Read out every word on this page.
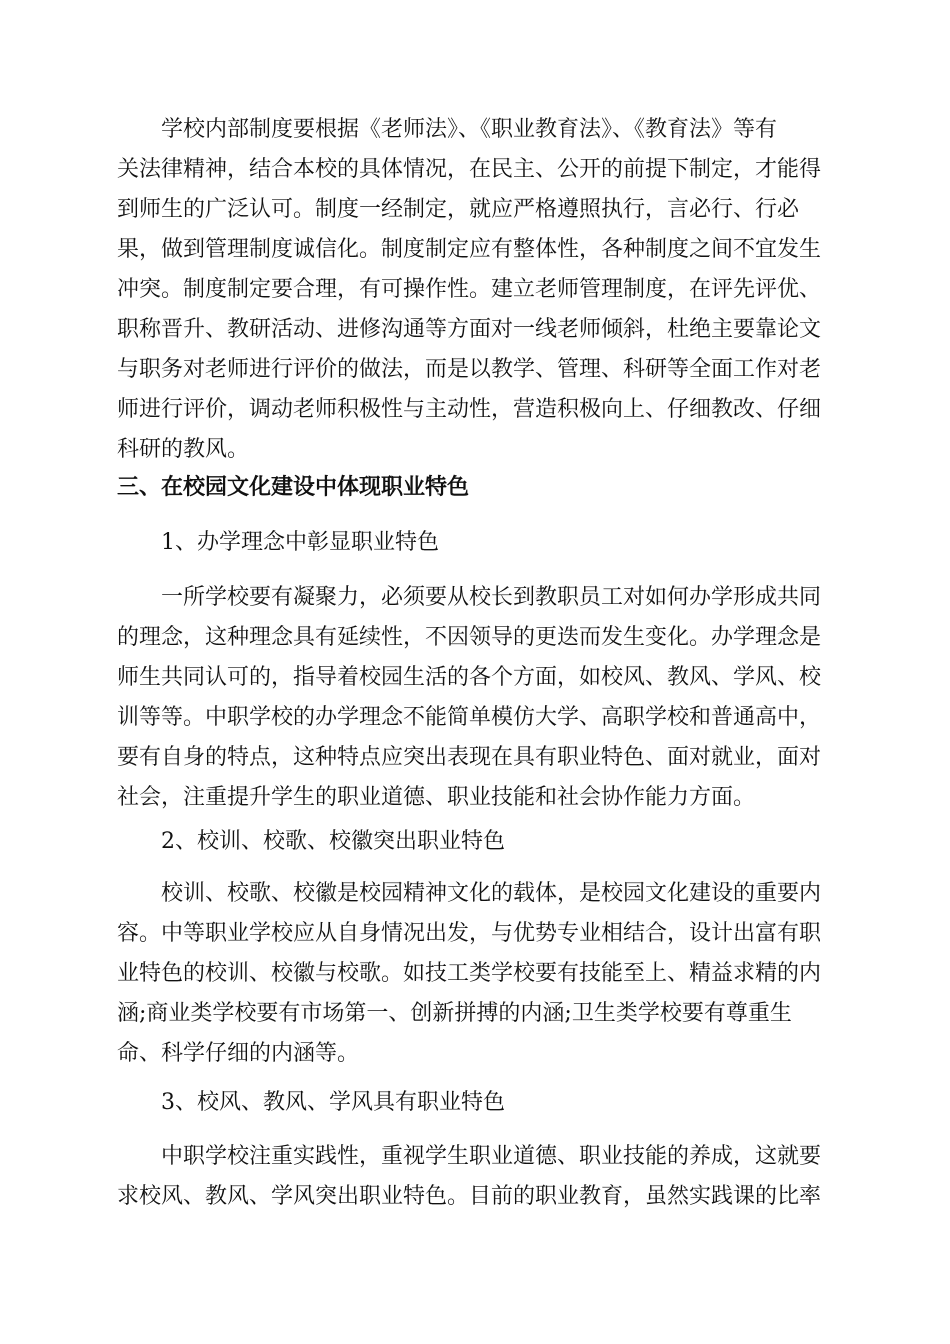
学校内部制度要根据《老师法》、《职业教育法》、《教育法》等有
关法律精神，结合本校的具体情况，在民主、公开的前提下制定，才能得
到师生的广泛认可。制度一经制定，就应严格遵照执行，言必行、行必
果，做到管理制度诚信化。制度制定应有整体性，各种制度之间不宜发生
冲突。制度制定要合理，有可操作性。建立老师管理制度，在评先评优、
职称晋升、教研活动、进修沟通等方面对一线老师倾斜，杜绝主要靠论文
与职务对老师进行评价的做法，而是以教学、管理、科研等全面工作对老
师进行评价，调动老师积极性与主动性，营造积极向上、仔细教改、仔细
科研的教风。
三、在校园文化建设中体现职业特色
1、办学理念中彰显职业特色
一所学校要有凝聚力，必须要从校长到教职员工对如何办学形成共同
的理念，这种理念具有延续性，不因领导的更迭而发生变化。办学理念是
师生共同认可的，指导着校园生活的各个方面，如校风、教风、学风、校
训等等。中职学校的办学理念不能简单模仿大学、高职学校和普通高中，
要有自身的特点，这种特点应突出表现在具有职业特色、面对就业，面对
社会，注重提升学生的职业道德、职业技能和社会协作能力方面。
2、校训、校歌、校徽突出职业特色
校训、校歌、校徽是校园精神文化的载体，是校园文化建设的重要内
容。中等职业学校应从自身情况出发，与优势专业相结合，设计出富有职
业特色的校训、校徽与校歌。如技工类学校要有技能至上、精益求精的内
涵;商业类学校要有市场第一、创新拼搏的内涵;卫生类学校要有尊重生
命、科学仔细的内涵等。
3、校风、教风、学风具有职业特色
中职学校注重实践性，重视学生职业道德、职业技能的养成，这就要
求校风、教风、学风突出职业特色。目前的职业教育，虽然实践课的比率
